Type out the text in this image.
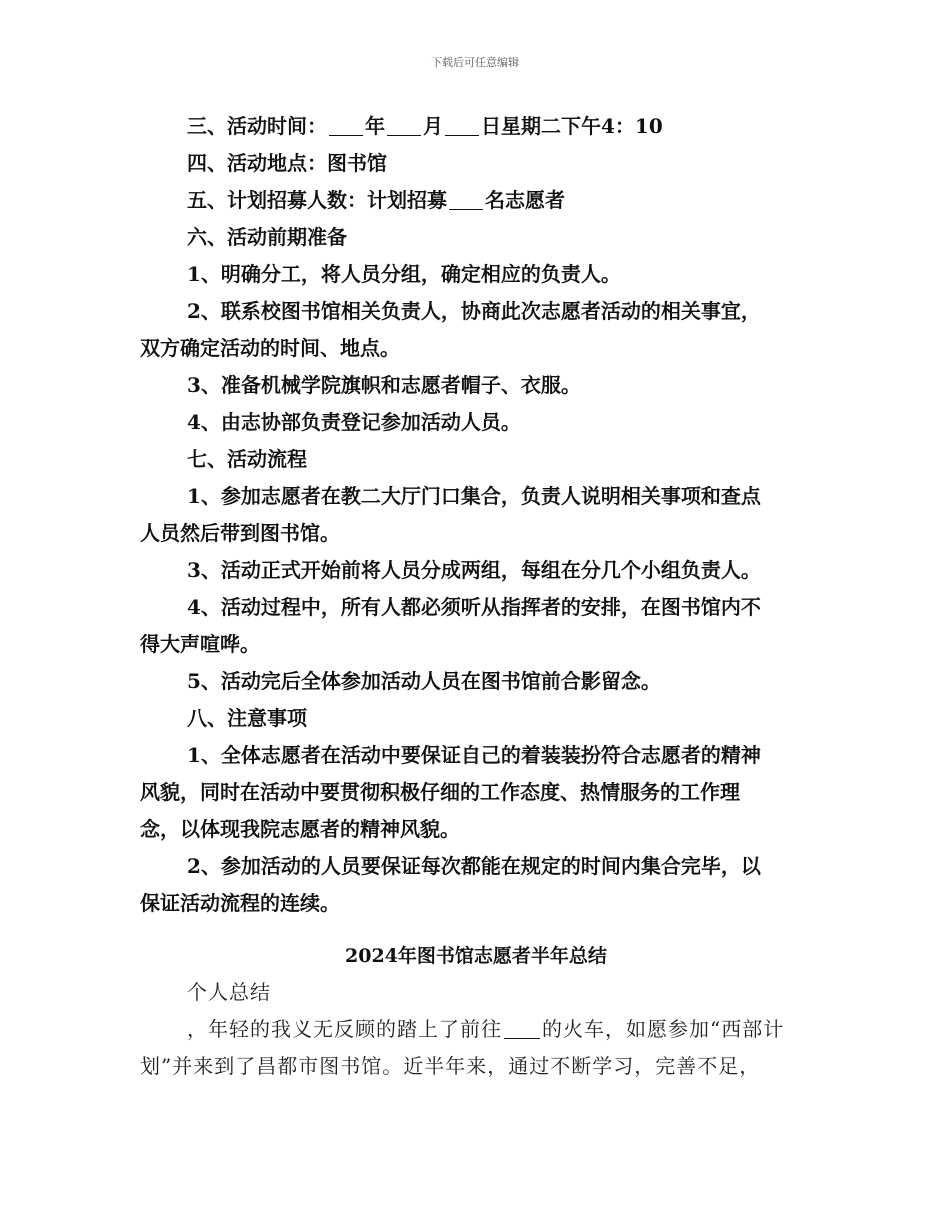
下载后可任意编辑
三、活动时间： 年 月 日星期二下午4：10
四、活动地点：图书馆
五、计划招募人数：计划招募 名志愿者
六、活动前期准备
1、明确分工，将人员分组，确定相应的负责人。
2、联系校图书馆相关负责人，协商此次志愿者活动的相关事宜，
双方确定活动的时间、地点。
3、准备机械学院旗帜和志愿者帽子、衣服。
4、由志协部负责登记参加活动人员。
七、活动流程
1、参加志愿者在教二大厅门口集合，负责人说明相关事项和查点
人员然后带到图书馆。
3、活动正式开始前将人员分成两组，每组在分几个小组负责人。
4、活动过程中，所有人都必须听从指挥者的安排，在图书馆内不
得大声喧哗。
5、活动完后全体参加活动人员在图书馆前合影留念。
八、注意事项
1、全体志愿者在活动中要保证自己的着装装扮符合志愿者的精神
风貌，同时在活动中要贯彻积极仔细的工作态度、热情服务的工作理
念，以体现我院志愿者的精神风貌。
2、参加活动的人员要保证每次都能在规定的时间内集合完毕，以
保证活动流程的连续。
2024年图书馆志愿者半年总结
个人总结
，年轻的我义无反顾的踏上了前往 的火车，如愿参加“西部计
划”并来到了昌都市图书馆。近半年来，通过不断学习，完善不足，
